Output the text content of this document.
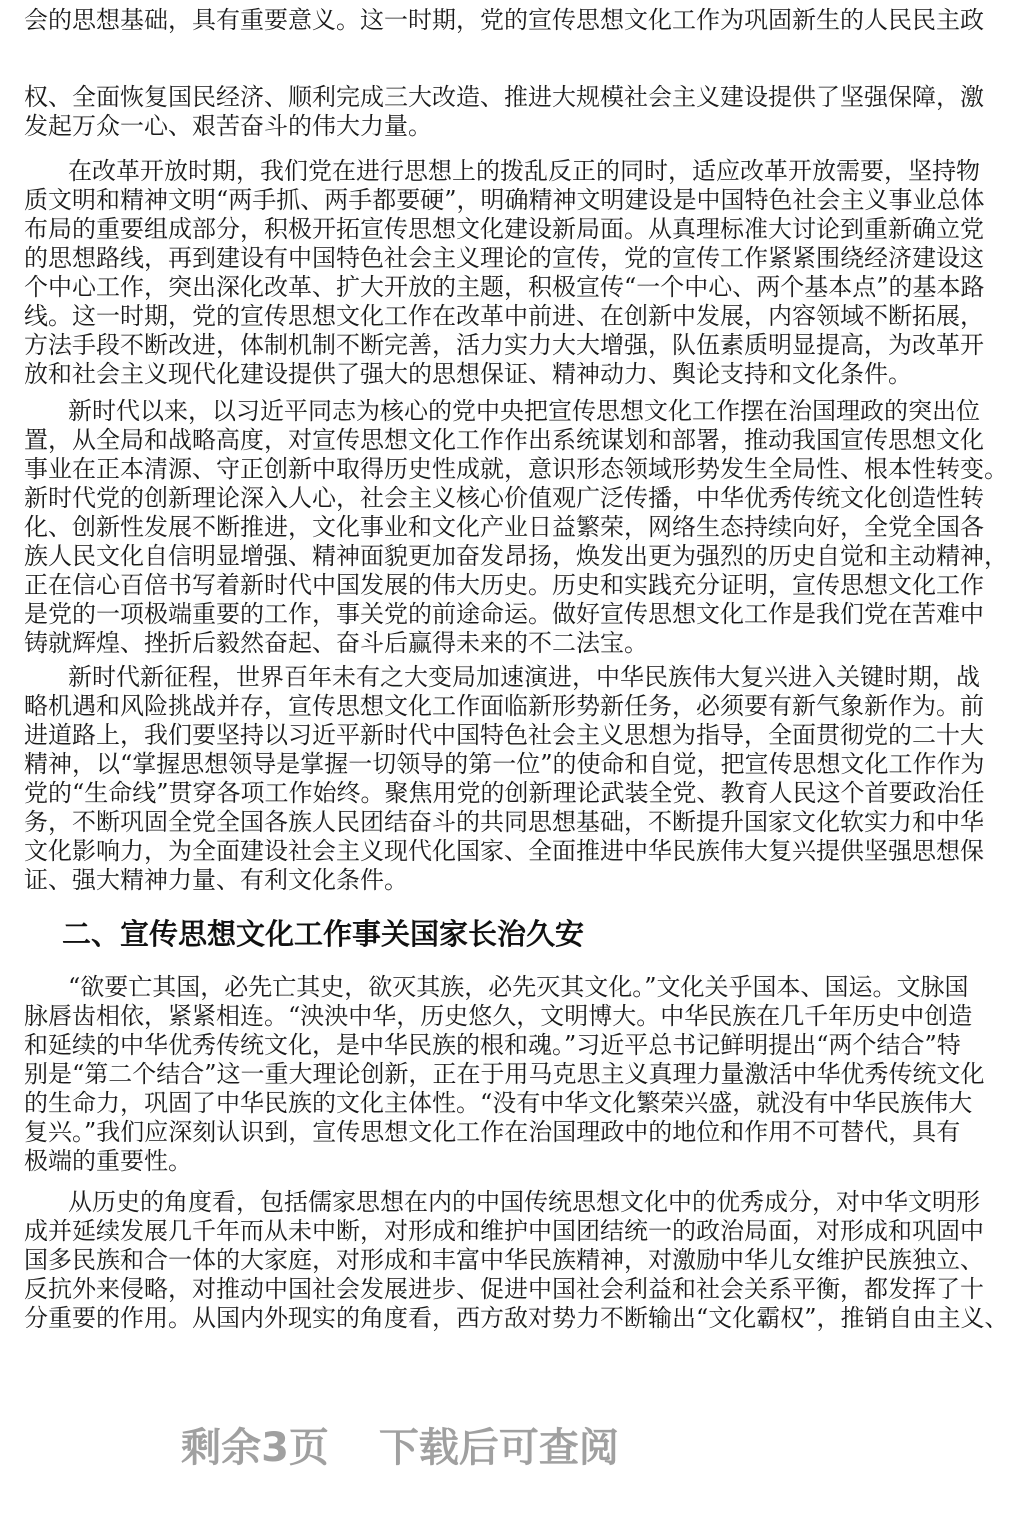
会的思想基础，具有重要意义。这一时期，党的宣传思想文化工作为巩固新生的人民民主政
权、全面恢复国民经济、顺利完成三大改造、推进大规模社会主义建设提供了坚强保障，激
发起万众一心、艰苦奋斗的伟大力量。
在改革开放时期，我们党在进行思想上的拨乱反正的同时，适应改革开放需要，坚持物
质文明和精神文明“两手抓、两手都要硬”，明确精神文明建设是中国特色社会主义事业总体
布局的重要组成部分，积极开拓宣传思想文化建设新局面。从真理标准大讨论到重新确立党
的思想路线，再到建设有中国特色社会主义理论的宣传，党的宣传工作紧紧围绕经济建设这
个中心工作，突出深化改革、扩大开放的主题，积极宣传“一个中心、两个基本点”的基本路
线。这一时期，党的宣传思想文化工作在改革中前进、在创新中发展，内容领域不断拓展，
方法手段不断改进，体制机制不断完善，活力实力大大增强，队伍素质明显提高，为改革开
放和社会主义现代化建设提供了强大的思想保证、精神动力、舆论支持和文化条件。
新时代以来，以习近平同志为核心的党中央把宣传思想文化工作摆在治国理政的突出位
置，从全局和战略高度，对宣传思想文化工作作出系统谋划和部署，推动我国宣传思想文化
事业在正本清源、守正创新中取得历史性成就，意识形态领域形势发生全局性、根本性转变。
新时代党的创新理论深入人心，社会主义核心价值观广泛传播，中华优秀传统文化创造性转
化、创新性发展不断推进，文化事业和文化产业日益繁荣，网络生态持续向好，全党全国各
族人民文化自信明显增强、精神面貌更加奋发昂扬，焕发出更为强烈的历史自觉和主动精神，
正在信心百倍书写着新时代中国发展的伟大历史。历史和实践充分证明，宣传思想文化工作
是党的一项极端重要的工作，事关党的前途命运。做好宣传思想文化工作是我们党在苦难中
铸就辉煌、挫折后毅然奋起、奋斗后赢得未来的不二法宝。
新时代新征程，世界百年未有之大变局加速演进，中华民族伟大复兴进入关键时期，战
略机遇和风险挑战并存，宣传思想文化工作面临新形势新任务，必须要有新气象新作为。前
进道路上，我们要坚持以习近平新时代中国特色社会主义思想为指导，全面贯彻党的二十大
精神，以“掌握思想领导是掌握一切领导的第一位”的使命和自觉，把宣传思想文化工作作为
党的“生命线”贯穿各项工作始终。聚焦用党的创新理论武装全党、教育人民这个首要政治任
务，不断巩固全党全国各族人民团结奋斗的共同思想基础，不断提升国家文化软实力和中华
文化影响力，为全面建设社会主义现代化国家、全面推进中华民族伟大复兴提供坚强思想保
证、强大精神力量、有利文化条件。
二、宣传思想文化工作事关国家长治久安
“欲要亡其国，必先亡其史，欲灭其族，必先灭其文化。”文化关乎国本、国运。文脉国
脉唇齿相依，紧紧相连。“泱泱中华，历史悠久，文明博大。中华民族在几千年历史中创造
和延续的中华优秀传统文化，是中华民族的根和魂。”习近平总书记鲜明提出“两个结合”特
别是“第二个结合”这一重大理论创新，正在于用马克思主义真理力量激活中华优秀传统文化
的生命力，巩固了中华民族的文化主体性。“没有中华文化繁荣兴盛，就没有中华民族伟大
复兴。”我们应深刻认识到，宣传思想文化工作在治国理政中的地位和作用不可替代，具有
极端的重要性。
从历史的角度看，包括儒家思想在内的中国传统思想文化中的优秀成分，对中华文明形
成并延续发展几千年而从未中断，对形成和维护中国团结统一的政治局面，对形成和巩固中
国多民族和合一体的大家庭，对形成和丰富中华民族精神，对激励中华儿女维护民族独立、
反抗外来侵略，对推动中国社会发展进步、促进中国社会利益和社会关系平衡，都发挥了十
分重要的作用。从国内外现实的角度看，西方敌对势力不断输出“文化霸权”，推销自由主义、
剩余3页 下载后可查阅
